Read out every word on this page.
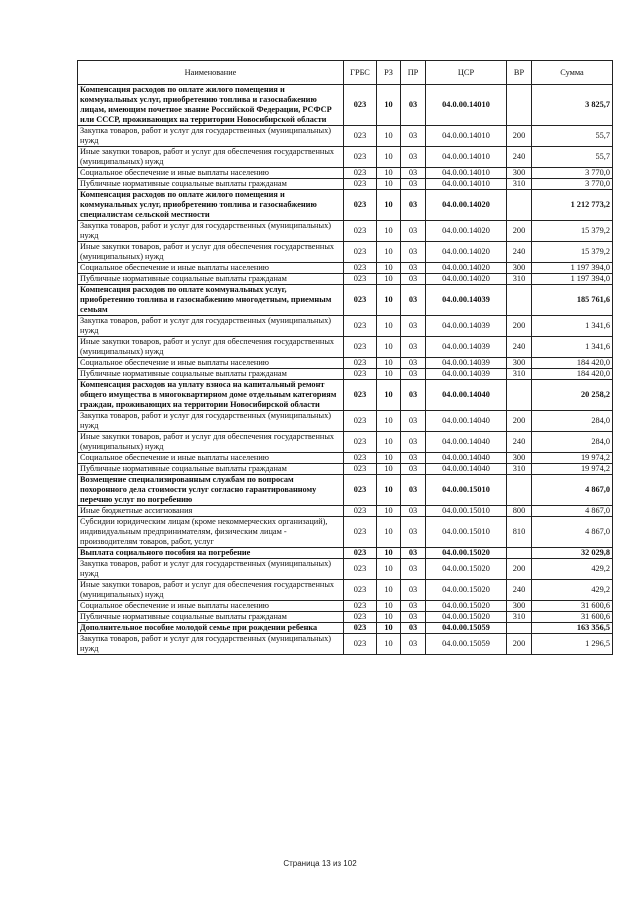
Наименование	ГРБС	РЗ	ПР	ЦСР	ВР	Сумма
Компенсация расходов по оплате жилого помещения и коммунальных услуг, приобретению топлива и газоснабжению лицам, имеющим почетное звание Российской Федерации, РСФСР или СССР, проживающих на территории Новосибирской области	023	10	03	04.0.00.14010		3 825,7
Закупка товаров, работ и услуг для государственных (муниципальных) нужд	023	10	03	04.0.00.14010	200	55,7
Иные закупки товаров, работ и услуг для обеспечения государственных (муниципальных) нужд	023	10	03	04.0.00.14010	240	55,7
Социальное обеспечение и иные выплаты населению	023	10	03	04.0.00.14010	300	3 770,0
Публичные нормативные социальные выплаты гражданам	023	10	03	04.0.00.14010	310	3 770,0
Компенсация расходов по оплате жилого помещения и коммунальных услуг, приобретению топлива и газоснабжению специалистам сельской местности	023	10	03	04.0.00.14020		1 212 773,2
Закупка товаров, работ и услуг для государственных (муниципальных) нужд	023	10	03	04.0.00.14020	200	15 379,2
Иные закупки товаров, работ и услуг для обеспечения государственных (муниципальных) нужд	023	10	03	04.0.00.14020	240	15 379,2
Социальное обеспечение и иные выплаты населению	023	10	03	04.0.00.14020	300	1 197 394,0
Публичные нормативные социальные выплаты гражданам	023	10	03	04.0.00.14020	310	1 197 394,0
Компенсация расходов по оплате коммунальных услуг, приобретению топлива и газоснабжению многодетным, приемным семьям	023	10	03	04.0.00.14039		185 761,6
Закупка товаров, работ и услуг для государственных (муниципальных) нужд	023	10	03	04.0.00.14039	200	1 341,6
Иные закупки товаров, работ и услуг для обеспечения государственных (муниципальных) нужд	023	10	03	04.0.00.14039	240	1 341,6
Социальное обеспечение и иные выплаты населению	023	10	03	04.0.00.14039	300	184 420,0
Публичные нормативные социальные выплаты гражданам	023	10	03	04.0.00.14039	310	184 420,0
Компенсация расходов на уплату взноса на капитальный ремонт общего имущества в многоквартирном доме отдельным категориям граждан, проживающих на территории Новосибирской области	023	10	03	04.0.00.14040		20 258,2
Закупка товаров, работ и услуг для государственных (муниципальных) нужд	023	10	03	04.0.00.14040	200	284,0
Иные закупки товаров, работ и услуг для обеспечения государственных (муниципальных) нужд	023	10	03	04.0.00.14040	240	284,0
Социальное обеспечение и иные выплаты населению	023	10	03	04.0.00.14040	300	19 974,2
Публичные нормативные социальные выплаты гражданам	023	10	03	04.0.00.14040	310	19 974,2
Возмещение специализированным службам по вопросам похоронного дела стоимости услуг согласно гарантированному перечню услуг по погребению	023	10	03	04.0.00.15010		4 867,0
Иные бюджетные ассигнования	023	10	03	04.0.00.15010	800	4 867,0
Субсидии юридическим лицам (кроме некоммерческих организаций), индивидуальным предпринимателям, физическим лицам - производителям товаров, работ, услуг	023	10	03	04.0.00.15010	810	4 867,0
Выплата социального пособия на погребение	023	10	03	04.0.00.15020		32 029,8
Закупка товаров, работ и услуг для государственных (муниципальных) нужд	023	10	03	04.0.00.15020	200	429,2
Иные закупки товаров, работ и услуг для обеспечения государственных (муниципальных) нужд	023	10	03	04.0.00.15020	240	429,2
Социальное обеспечение и иные выплаты населению	023	10	03	04.0.00.15020	300	31 600,6
Публичные нормативные социальные выплаты гражданам	023	10	03	04.0.00.15020	310	31 600,6
Дополнительное пособие молодой семье при рождении ребенка	023	10	03	04.0.00.15059		163 356,5
Закупка товаров, работ и услуг для государственных (муниципальных) нужд	023	10	03	04.0.00.15059	200	1 296,5
Страница 13 из 102
